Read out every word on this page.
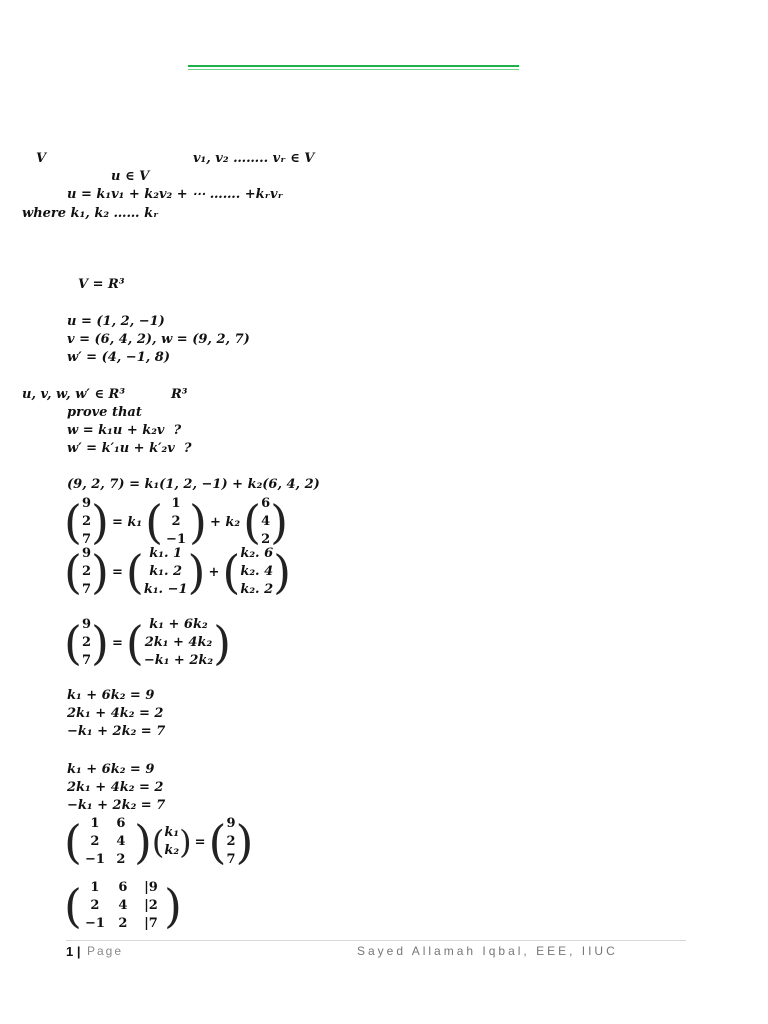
V	v₁, v₂ …….. vᵣ ∈ V
u ∈ V
u = k₁v₁ + k₂v₂ + ⋯ ……. +kᵣvᵣ
where k₁, k₂ …… kᵣ
V = R³
u = (1, 2, −1)
v = (6, 4, 2), w = (9, 2, 7)
w′ = (4, −1, 8)
u, v, w, w′ ∈ R³	R³
prove that
w = k₁u + k₂v  ?
w′ = k′₁u + k′₂v  ?
(9, 2, 7) = k₁(1, 2, −1) + k₂(6, 4, 2)
( 9
2
7 ) = k₁ ( 1
2
−1 ) + k₂ ( 6
4
2 )
( 9
2
7 ) = ( k₁. 1
k₁. 2
k₁. −1 ) + ( k₂. 6
k₂. 4
k₂. 2 )
( 9
2
7 ) = ( k₁ + 6k₂
2k₁ + 4k₂
−k₁ + 2k₂ )
k₁ + 6k₂ = 9
2k₁ + 4k₂ = 2
−k₁ + 2k₂ = 7
k₁ + 6k₂ = 9
2k₁ + 4k₂ = 2
−k₁ + 2k₂ = 7
( 1	6
2	4
−1 2 ) ( k₁
k₂ ) = ( 9
2
7 )
( 1	6	|9
2	4	|2
−1	2	|7 )
1 | Page	Sayed Allamah Iqbal, EEE, IIUC
